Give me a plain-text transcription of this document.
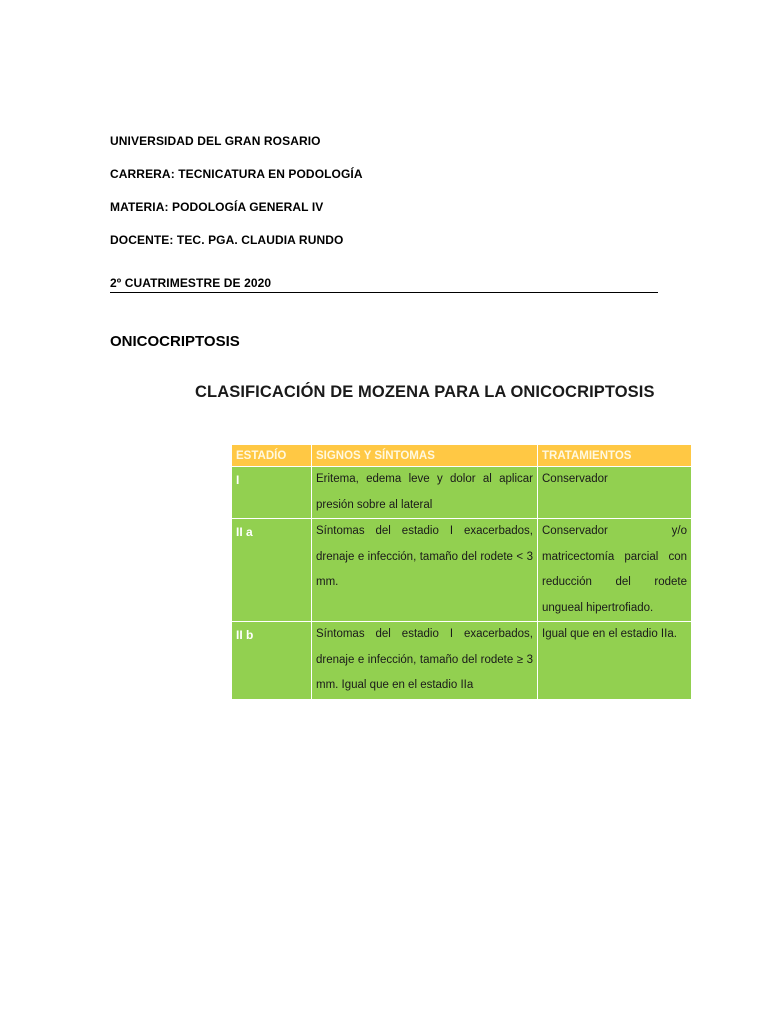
UNIVERSIDAD DEL GRAN ROSARIO
CARRERA: TECNICATURA EN PODOLOGÍA
MATERIA: PODOLOGÍA GENERAL IV
DOCENTE: TEC. PGA. CLAUDIA RUNDO
2º CUATRIMESTRE DE 2020
ONICOCRIPTOSIS
CLASIFICACIÓN DE MOZENA PARA LA ONICOCRIPTOSIS
ESTADÍO	SIGNOS Y SÍNTOMAS	TRATAMIENTOS
I	Eritema, edema leve y dolor al aplicar presión sobre al lateral	Conservador
II a	Síntomas del estadio I exacerbados, drenaje e infección, tamaño del rodete < 3 mm.	Conservador y/o matricectomía parcial con reducción del rodete ungueal hipertrofiado.
II b	Síntomas del estadio I exacerbados, drenaje e infección, tamaño del rodete ≥ 3 mm. Igual que en el estadio IIa	Igual que en el estadio IIa.
